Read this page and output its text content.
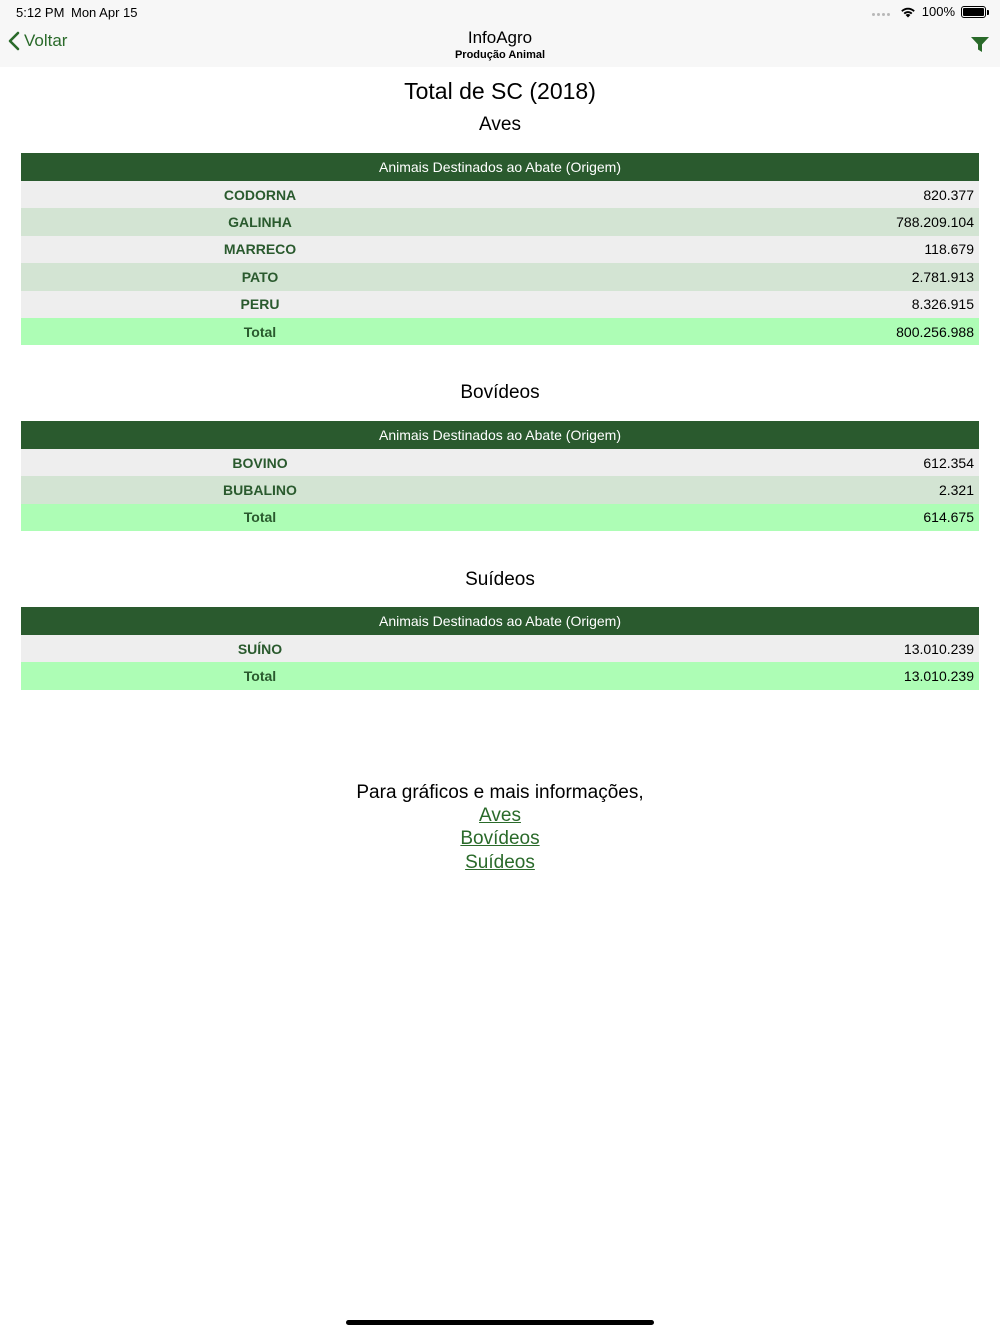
5:12 PM Mon Apr 15	100%
Voltar	InfoAgro
Produção Animal
Total de SC (2018)
Aves
Animais Destinados ao Abate (Origem)
CODORNA	820.377
GALINHA	788.209.104
MARRECO	118.679
PATO	2.781.913
PERU	8.326.915
Total	800.256.988
Bovídeos
Animais Destinados ao Abate (Origem)
BOVINO	612.354
BUBALINO	2.321
Total	614.675
Suídeos
Animais Destinados ao Abate (Origem)
SUÍNO	13.010.239
Total	13.010.239
Para gráficos e mais informações,
Aves
Bovídeos
Suídeos
